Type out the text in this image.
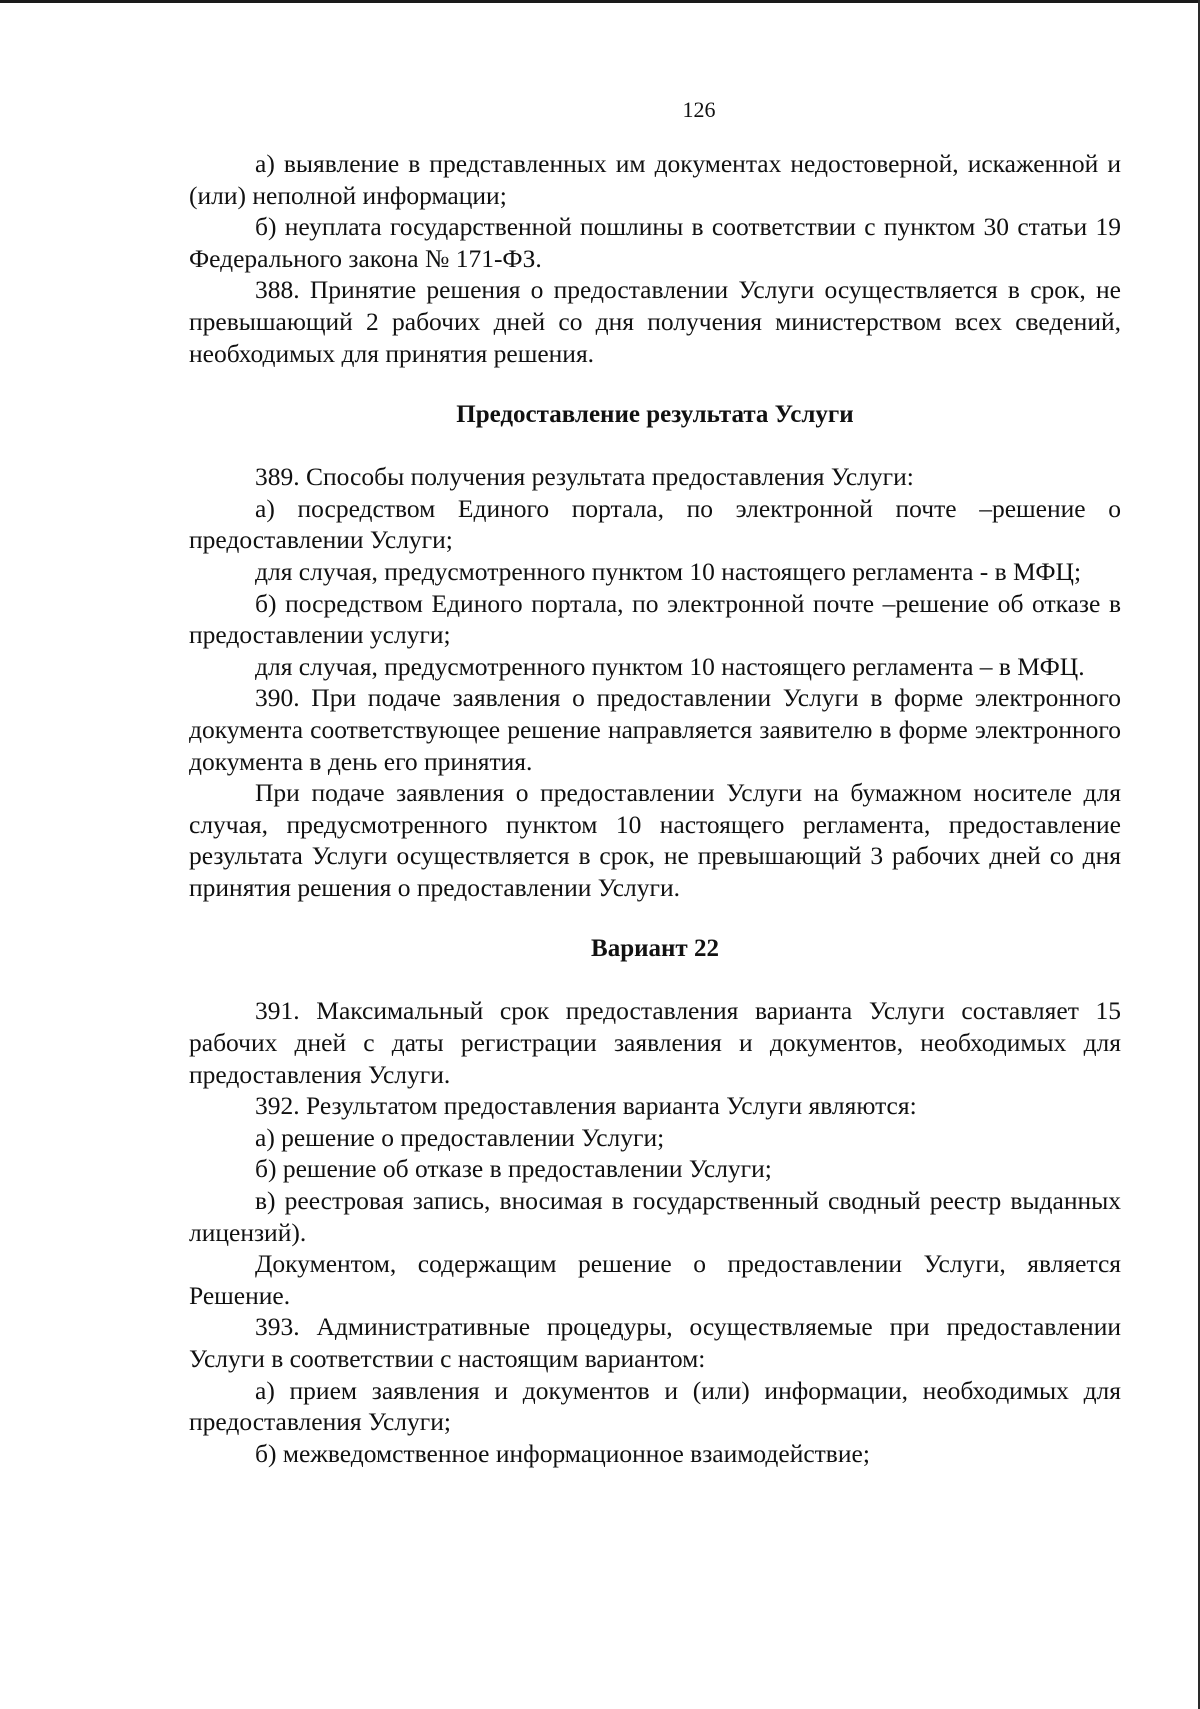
126

а) выявление в представленных им документах недостоверной, искаженной и (или) неполной информации;

б) неуплата государственной пошлины в соответствии с пунктом 30 статьи 19 Федерального закона № 171-ФЗ.

388. Принятие решения о предоставлении Услуги осуществляется в срок, не превышающий 2 рабочих дней со дня получения министерством всех сведений, необходимых для принятия решения.

Предоставление результата Услуги

389. Способы получения результата предоставления Услуги:

а) посредством Единого портала, по электронной почте –решение о предоставлении Услуги;

для случая, предусмотренного пунктом 10 настоящего регламента - в МФЦ;

б) посредством Единого портала, по электронной почте –решение об отказе в предоставлении услуги;

для случая, предусмотренного пунктом 10 настоящего регламента – в МФЦ.

390. При подаче заявления о предоставлении Услуги в форме электронного документа соответствующее решение направляется заявителю в форме электронного документа в день его принятия.

При подаче заявления о предоставлении Услуги на бумажном носителе для случая, предусмотренного пунктом 10 настоящего регламента, предоставление результата Услуги осуществляется в срок, не превышающий 3 рабочих дней со дня принятия решения о предоставлении Услуги.

Вариант 22

391. Максимальный срок предоставления варианта Услуги составляет 15 рабочих дней с даты регистрации заявления и документов, необходимых для предоставления Услуги.

392. Результатом предоставления варианта Услуги являются:

а) решение о предоставлении Услуги;

б) решение об отказе в предоставлении Услуги;

в) реестровая запись, вносимая в государственный сводный реестр выданных лицензий).

Документом, содержащим решение о предоставлении Услуги, является Решение.

393. Административные процедуры, осуществляемые при предоставлении Услуги в соответствии с настоящим вариантом:

а) прием заявления и документов и (или) информации, необходимых для предоставления Услуги;

б) межведомственное информационное взаимодействие;
